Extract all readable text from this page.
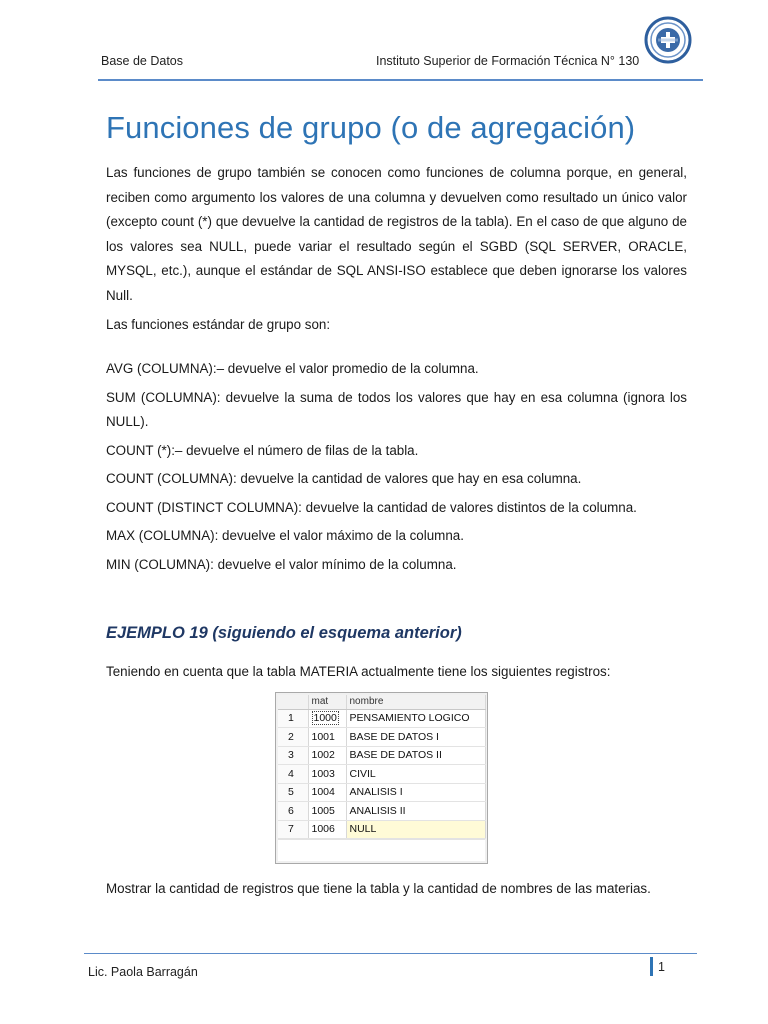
Base de Datos	Instituto Superior de Formación Técnica N° 130
Funciones de grupo (o de agregación)

Las funciones de grupo también se conocen como funciones de columna porque, en general, reciben como argumento los valores de una columna y devuelven como resultado un único valor (excepto count (*) que devuelve la cantidad de registros de la tabla). En el caso de que alguno de los valores sea NULL, puede variar el resultado según el SGBD (SQL SERVER, ORACLE, MYSQL, etc.), aunque el estándar de SQL ANSI-ISO establece que deben ignorarse los valores Null.

Las funciones estándar de grupo son:

AVG (COLUMNA):– devuelve el valor promedio de la columna.

SUM (COLUMNA): devuelve la suma de todos los valores que hay en esa columna (ignora los NULL).

COUNT (*):– devuelve el número de filas de la tabla.

COUNT (COLUMNA): devuelve la cantidad de valores que hay en esa columna.

COUNT (DISTINCT COLUMNA): devuelve la cantidad de valores distintos de la columna.

MAX (COLUMNA): devuelve el valor máximo de la columna.

MIN (COLUMNA): devuelve el valor mínimo de la columna.

EJEMPLO 19 (siguiendo el esquema anterior)

Teniendo en cuenta que la tabla MATERIA actualmente tiene los siguientes registros:

	mat	nombre
1	1000	PENSAMIENTO LOGICO
2	1001	BASE DE DATOS I
3	1002	BASE DE DATOS II
4	1003	CIVIL
5	1004	ANALISIS I
6	1005	ANALISIS II
7	1006	NULL

Mostrar la cantidad de registros que tiene la tabla y la cantidad de nombres de las materias.

Lic. Paola Barragán	1
